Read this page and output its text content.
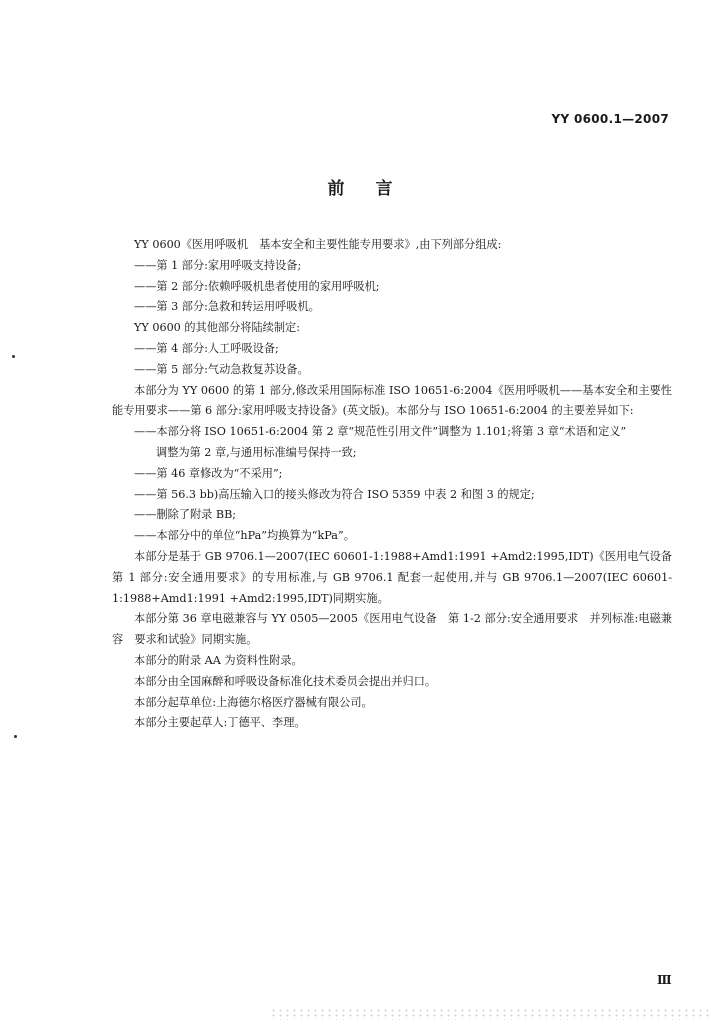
YY 0600.1—2007
前 言

YY 0600《医用呼吸机　基本安全和主要性能专用要求》,由下列部分组成:

——第 1 部分:家用呼吸支持设备;

——第 2 部分:依赖呼吸机患者使用的家用呼吸机;

——第 3 部分:急救和转运用呼吸机。

YY 0600 的其他部分将陆续制定:

——第 4 部分:人工呼吸设备;

——第 5 部分:气动急救复苏设备。

本部分为 YY 0600 的第 1 部分,修改采用国际标准 ISO 10651-6:2004《医用呼吸机——基本安全和主要性能专用要求——第 6 部分:家用呼吸支持设备》(英文版)。本部分与 ISO 10651-6:2004 的主要差异如下:

——本部分将 ISO 10651-6:2004 第 2 章“规范性引用文件”调整为 1.101;将第 3 章“术语和定义”

调整为第 2 章,与通用标准编号保持一致;

——第 46 章修改为“不采用”;

——第 56.3 bb)高压输入口的接头修改为符合 ISO 5359 中表 2 和图 3 的规定;

——删除了附录 BB;

——本部分中的单位“hPa”均换算为“kPa”。

本部分是基于 GB 9706.1—2007(IEC 60601-1:1988+Amd1:1991 +Amd2:1995,IDT)《医用电气设备　第 1 部分:安全通用要求》的专用标准,与 GB 9706.1 配套一起使用,并与 GB 9706.1—2007(IEC 60601-1:1988+Amd1:1991 +Amd2:1995,IDT)同期实施。

本部分第 36 章电磁兼容与 YY 0505—2005《医用电气设备　第 1-2 部分:安全通用要求　并列标准:电磁兼容　要求和试验》同期实施。

本部分的附录 AA 为资料性附录。

本部分由全国麻醉和呼吸设备标准化技术委员会提出并归口。

本部分起草单位:上海德尔格医疗器械有限公司。

本部分主要起草人:丁德平、李理。

Ⅲ
